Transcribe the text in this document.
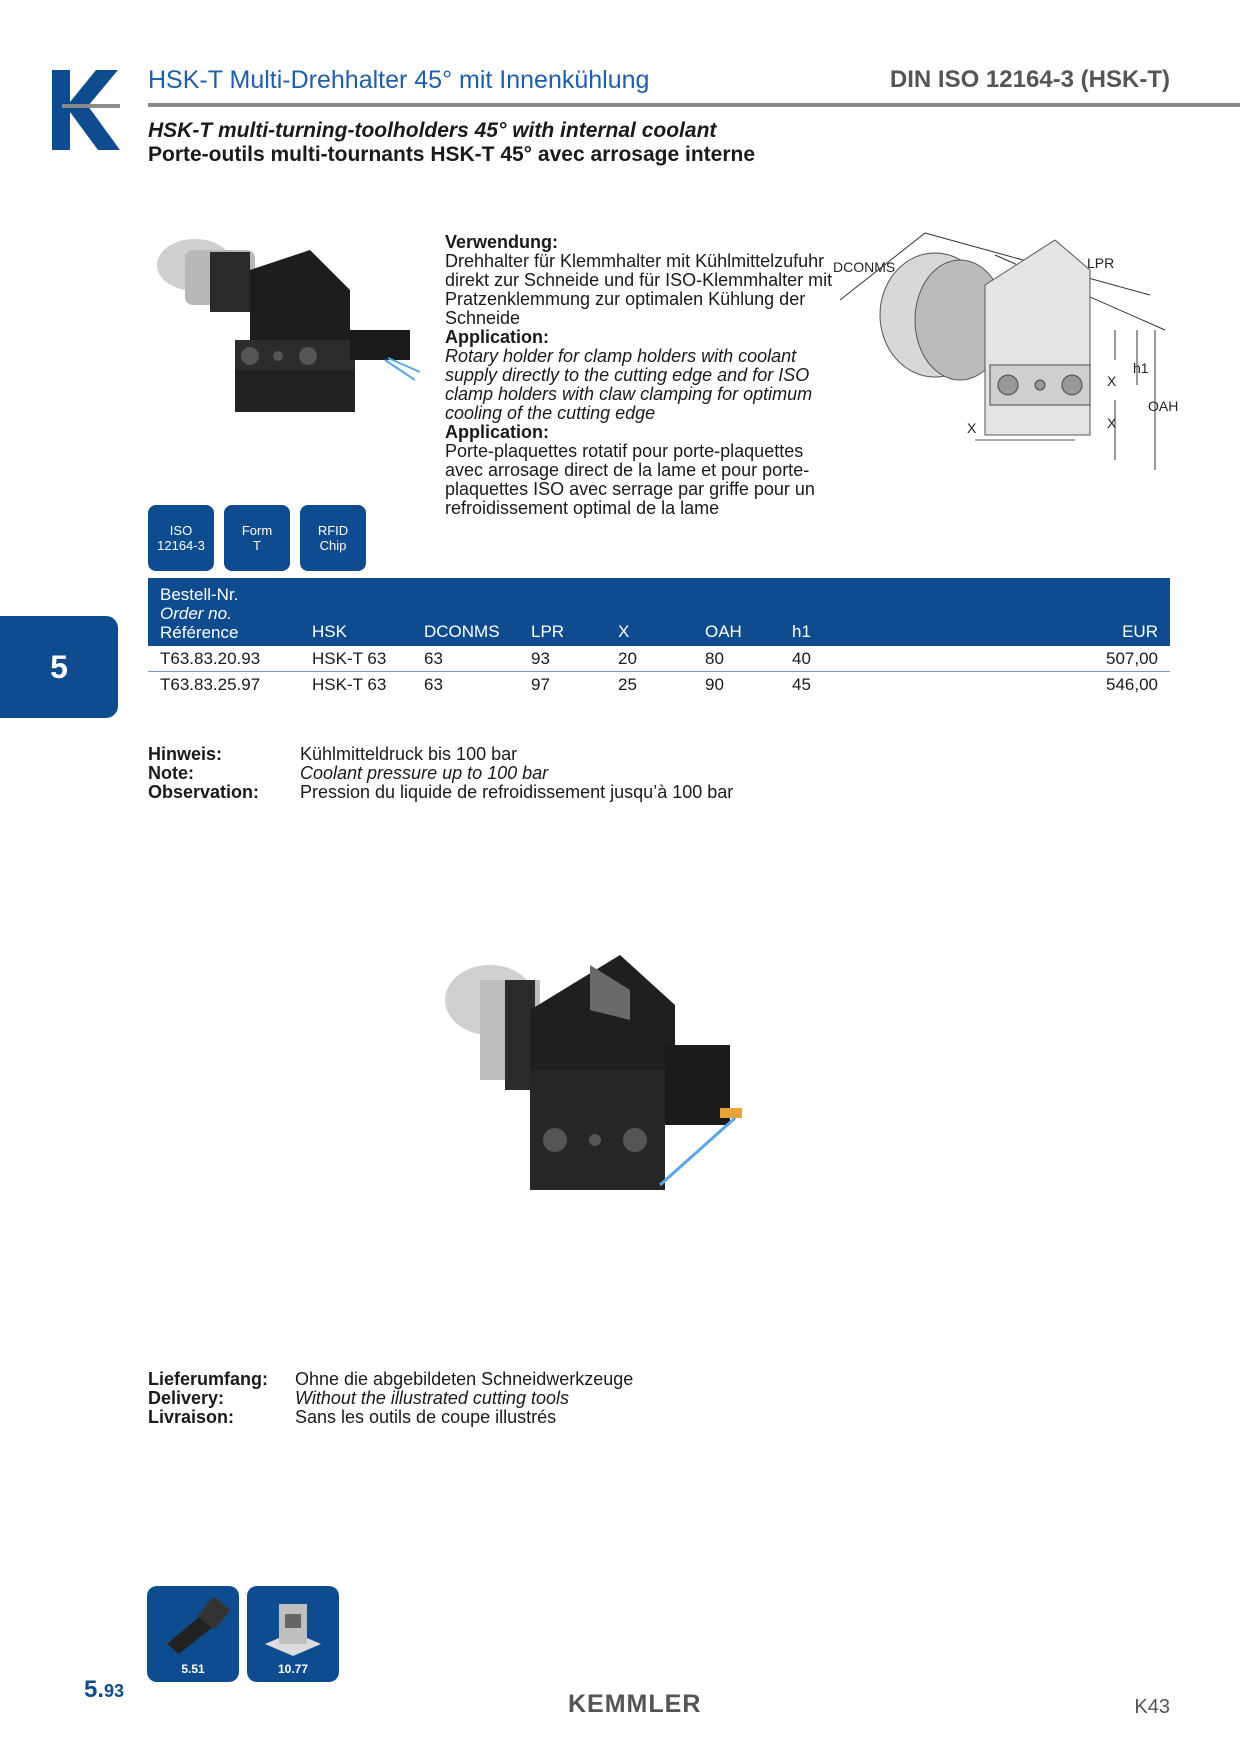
HSK-T Multi-Drehhalter 45° mit Innenkühlung	DIN ISO 12164-3 (HSK-T)
HSK-T multi-turning-toolholders 45° with internal coolant
Porte-outils multi-tournants HSK-T 45° avec arrosage interne
Verwendung:
Drehhalter für Klemmhalter mit Kühlmittelzufuhr direkt zur Schneide und für ISO-Klemmhalter mit Pratzenklemmung zur optimalen Kühlung der Schneide
Application:
Rotary holder for clamp holders with coolant supply directly to the cutting edge and for ISO clamp holders with claw clamping for optimum cooling of the cutting edge
Application:
Porte-plaquettes rotatif pour porte-plaquettes avec arrosage direct de la lame et pour porte-plaquettes ISO avec serrage par griffe pour un refroidissement optimal de la lame
DCONMS	LPR
h1
X
X
X
OAH
ISO
12164-3
Form
T
RFID
Chip
5
Bestell-Nr.
Order no.
Référence	HSK	DCONMS	LPR	X	OAH	h1	EUR
T63.83.20.93	HSK-T 63	63	93	20	80	40	507,00
T63.83.25.97	HSK-T 63	63	97	25	90	45	546,00
Hinweis:	Kühlmitteldruck bis 100 bar
Note:	Coolant pressure up to 100 bar
Observation: Pression du liquide de refroidissement jusqu’à 100 bar
Lieferumfang: Ohne die abgebildeten Schneidwerkzeuge
Delivery:	Without the illustrated cutting tools
Livraison:	Sans les outils de coupe illustrés
5.51	10.77
5.93	KEMMLER	K43
